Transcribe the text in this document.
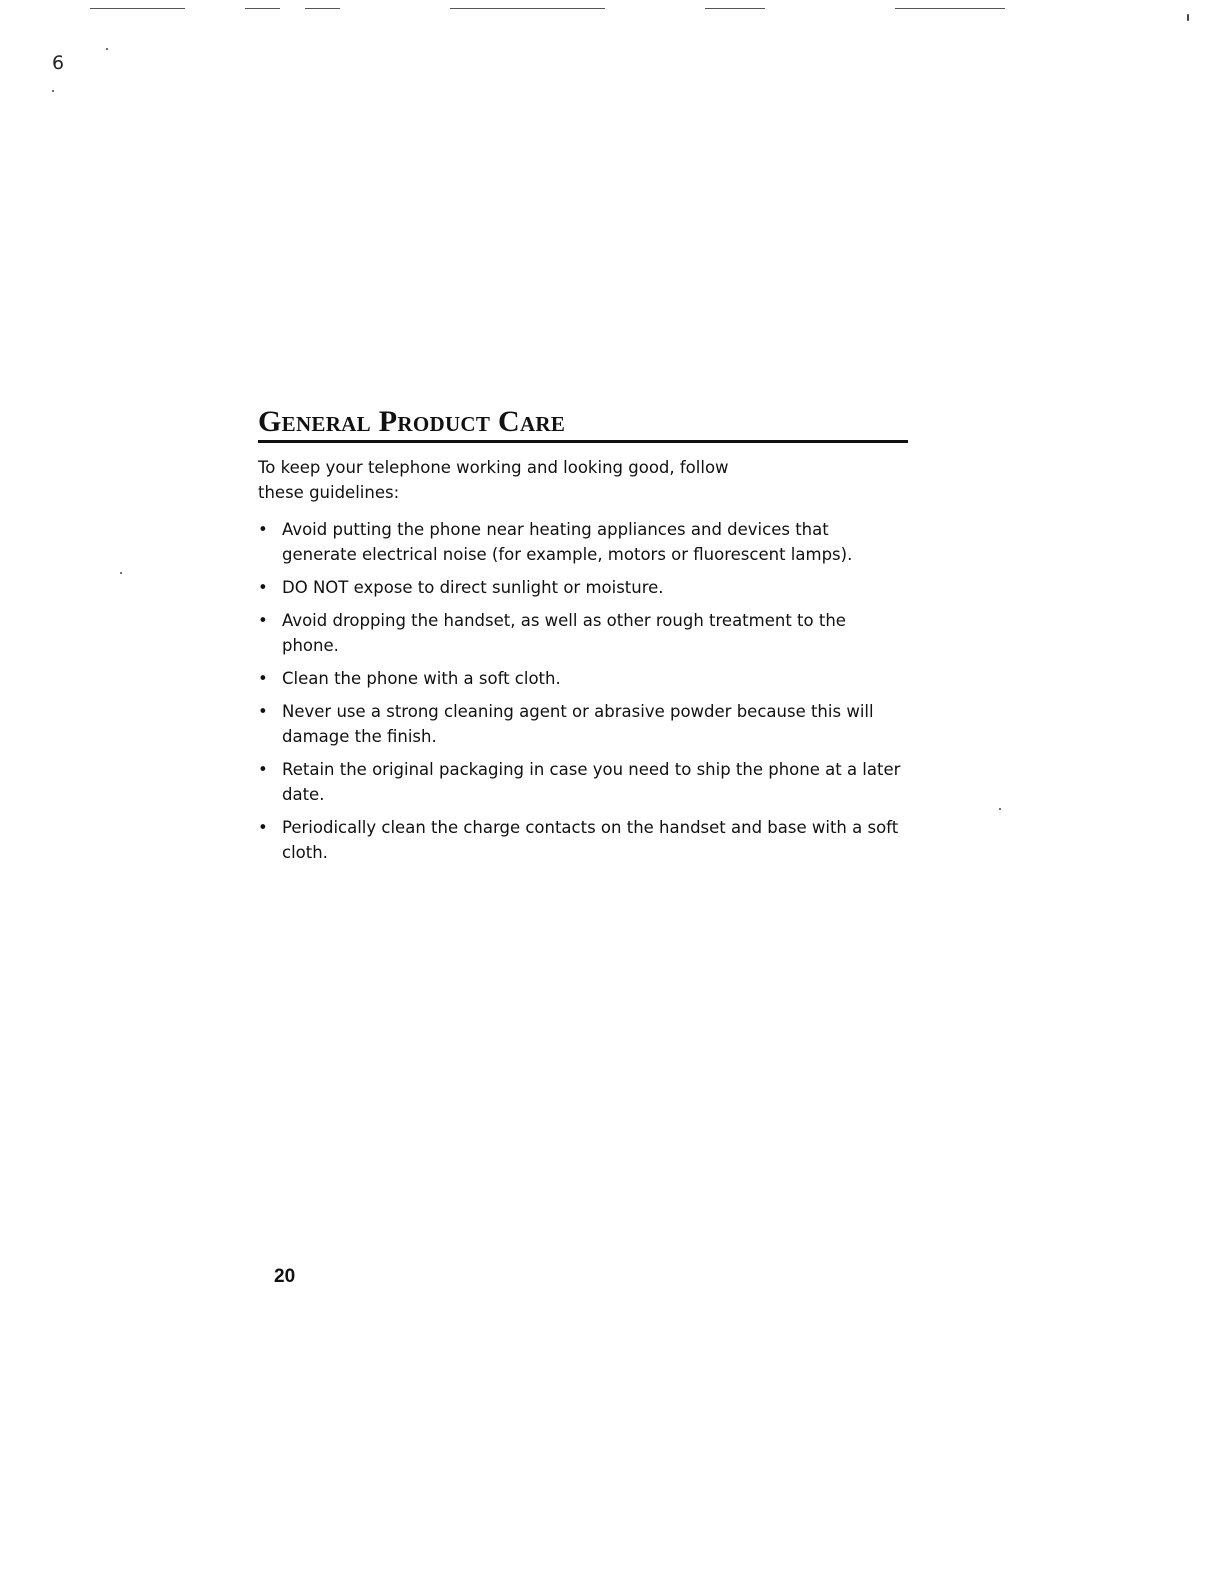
6
General Product Care

To keep your telephone working and looking good, follow these guidelines:

• Avoid putting the phone near heating appliances and devices that generate electrical noise (for example, motors or fluorescent lamps).
• DO NOT expose to direct sunlight or moisture.
• Avoid dropping the handset, as well as other rough treatment to the phone.
• Clean the phone with a soft cloth.
• Never use a strong cleaning agent or abrasive powder because this will damage the finish.
• Retain the original packaging in case you need to ship the phone at a later date.
• Periodically clean the charge contacts on the handset and base with a soft cloth.
20
